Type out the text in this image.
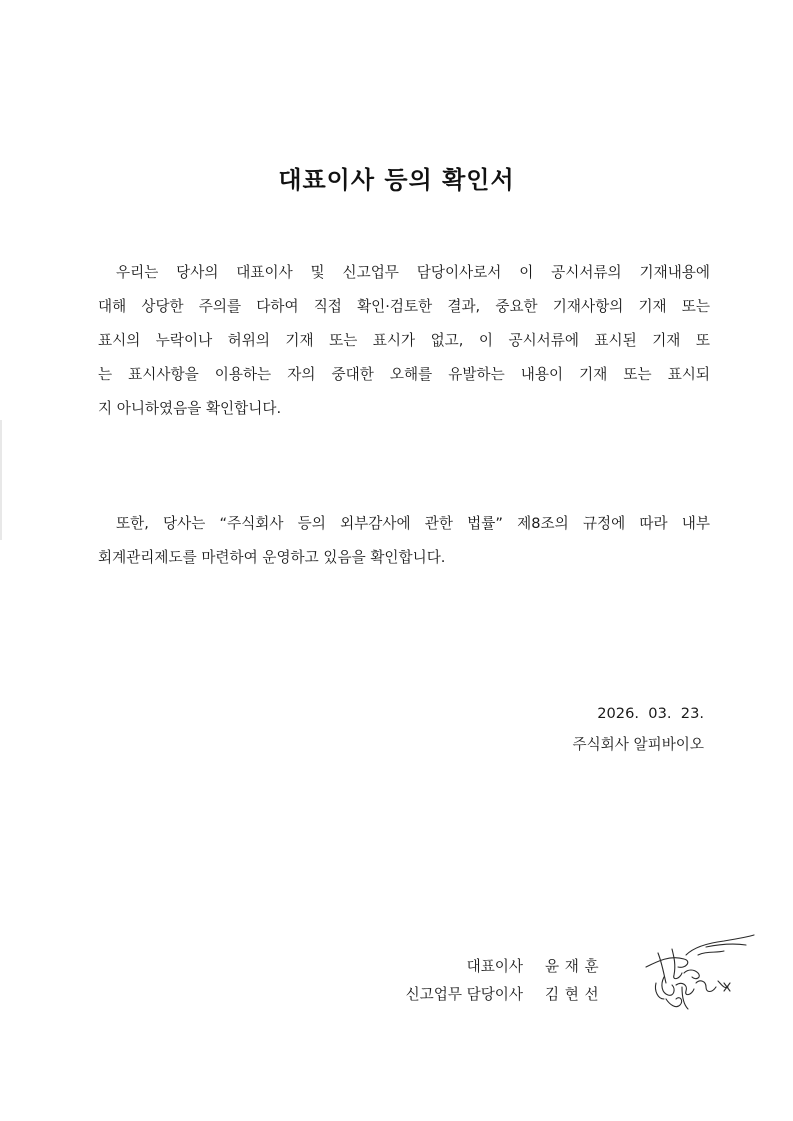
대표이사 등의 확인서
우리는 당사의 대표이사 및 신고업무 담당이사로서 이 공시서류의 기재내용에
대해 상당한 주의를 다하여 직접 확인·검토한 결과, 중요한 기재사항의 기재 또는
표시의 누락이나 허위의 기재 또는 표시가 없고, 이 공시서류에 표시된 기재 또
는 표시사항을 이용하는 자의 중대한 오해를 유발하는 내용이 기재 또는 표시되
지 아니하였음을 확인합니다.
또한, 당사는 “주식회사 등의 외부감사에 관한 법률” 제8조의 규정에 따라 내부
회계관리제도를 마련하여 운영하고 있음을 확인합니다.
2026.  03.  23.
주식회사 알피바이오
대표이사 윤 재 훈
신고업무 담당이사 김 현 선
